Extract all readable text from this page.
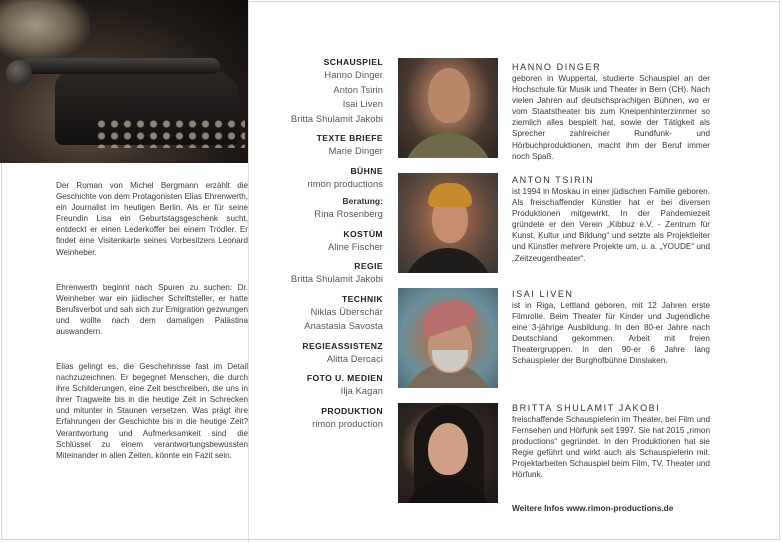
Der Roman von Michel Bergmann erzählt die Geschichte von dem Protagonisten Elias Ehrenwerth, ein Journalist im heutigen Berlin. Als er für seine Freundin Lisa ein Geburtstagsgeschenk sucht, entdeckt er einen Lederkoffer bei einem Trödler. Er findet eine Visitenkarte seines Vorbesitzers Leonard Weinheber.

Ehrenwerth beginnt nach Spuren zu suchen: Dr. Weinheber war ein jüdischer Schriftsteller, er hatte Berufsverbot und sah sich zur Emigration gezwungen und wollte nach dem damaligen Palästina auswandern.

Elias gelingt es, die Geschehnisse fast im Detail nachzuzeichnen. Er begegnet Menschen, die durch ihre Schilderungen, eine Zeit beschreiben, die uns in ihrer Tragweite bis in die heutige Zeit in Schrecken und mitunter in Staunen versetzen. Was prägt ihre Erfahrungen der Geschichte bis in die heutige Zeit? Verantwortung und Aufmerksamkeit sind die Schlüssel zu einem verantwortungsbewussten Miteinander in allen Zeiten, könnte ein Fazit sein.

SCHAUSPIEL
Hanno Dinger
Anton Tsirin
Isai Liven
Britta Shulamit Jakobi
TEXTE BRIEFE
Marie Dinger
BÜHNE
rimon productions
Beratung:
Rina Rosenberg
KOSTÜM
Aline Fischer
REGIE
Britta Shulamit Jakobi
TECHNIK
Niklas Überschär
Anastasia Savosta
REGIEASSISTENZ
Alitta Dercaci
FOTO U. MEDIEN
Ilja Kagan
PRODUKTION
rimon production
HANNO DINGER

geboren in Wuppertal, studierte Schauspiel an der Hochschule für Musik und Theater in Bern (CH). Nach vielen Jahren auf deutschsprachigen Bühnen, wo er vom Staatstheater bis zum Kneipenhinterzimmer so ziemlich alles bespielt hat, sowie der Tätigkeit als Sprecher zahlreicher Rundfunk- und Hörbuchproduktionen, macht ihm der Beruf immer noch Spaß.

ANTON TSIRIN

ist 1994 in Moskau in einer jüdischen Familie geboren. Als freischaffender Künstler hat er bei diversen Produktionen mitgewirkt. In der Pandemiezeit gründete er den Verein „Kibbuz e.V. - Zentrum für Kunst, Kultur und Bildung“ und setzte als Projektleiter und Künstler mehrere Projekte um, u. a. „YOUDE“ und „Zeitzeugentheater“.

ISAI LIVEN

ist in Riga, Lettland geboren, mit 12 Jahren erste Filmrolle. Beim Theater für Kinder und Jugendliche eine 3-jährige Ausbildung. In den 80-er Jahre nach Deutschland gekommen. Arbeit mit freien Theatergruppen. In den 90-er 6 Jahre lang Schauspieler der Burghofbühne Dinslaken.

BRITTA SHULAMIT JAKOBI

freischaffende Schauspielerin im Theater, bei Film und Fernsehen und Hörfunk seit 1997. Sie hat 2015 „rimon productions“ gegründet. In den Produktionen hat sie Regie geführt und wirkt auch als Schauspielerin mit. Projektarbeiten Schauspiel beim Film, TV, Theater und Hörfunk.

Weitere Infos www.rimon-productions.de
